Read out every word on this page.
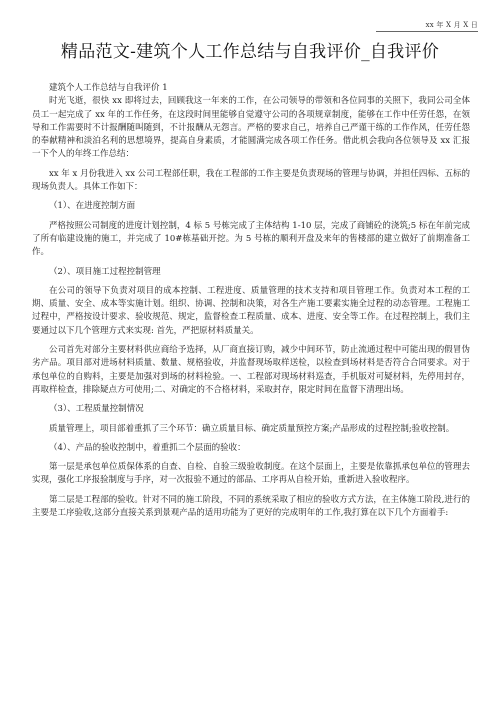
xx 年 X 月 X 日
精品范文-建筑个人工作总结与自我评价_自我评价

建筑个人工作总结与自我评价 1

时光飞逝，很快 xx 即将过去，回顾我这一年来的工作，在公司领导的带领和各位同事的关照下，我同公司全体员工一起完成了 xx 年的工作任务，在这段时间里能够自觉遵守公司的各项规章制度，能够在工作中任劳任怨，在领导和工作需要时不计报酬随叫随到，不计报酬从无怨言。严格的要求自己，培养自己严谨干练的工作作风，任劳任怨的奉献精神和淡泊名利的思想境界，提高自身素质，才能圆满完成各项工作任务。借此机会我向各位领导及 xx 汇报一下个人的年终工作总结：

xx 年 x 月份我进入 xx 公司工程部任职，我在工程部的工作主要是负责现场的管理与协调，并担任四标、五标的现场负责人。具体工作如下：

（1）、在进度控制方面

严格按照公司制度的进度计划控制，4 标 5 号栋完成了主体结构 1-10 层，完成了商铺砼的浇筑;5 标在年前完成了所有临建设施的施工，并完成了 10#栋基础开挖。为 5 号栋的顺利开盘及来年的售楼部的建立做好了前期准备工作。

（2）、项目施工过程控制管理

在公司的领导下负责对项目的成本控制、工程进度、质量管理的技术支持和项目管理工作。负责对本工程的工期、质量、安全、成本等实施计划。组织、协调、控制和决策，对各生产施工要素实施全过程的动态管理。工程施工过程中，严格按设计要求、验收规范、规定，监督检查工程质量、成本、进度、安全等工作。在过程控制上，我们主要通过以下几个管理方式来实现: 首先，严把原材料质量关。

公司首先对部分主要材料供应商给予选择，从厂商直接订购，减少中间环节，防止流通过程中可能出现的假冒伪劣产品。项目部对进场材料质量、数量、规格验收，并监督现场取样送检，以检查到场材料是否符合合同要求。对于承包单位的自购料，主要是加强对到场的材料检验。一、工程部对现场材料巡查，手机版对可疑材料，先停用封存，再取样检查，排除疑点方可使用;二、对确定的不合格材料，采取封存，限定时间在监督下清理出场。

（3）、工程质量控制情况

质量管理上，项目部着重抓了三个环节：确立质量目标、确定质量预控方案;产品形成的过程控制;验收控制。

（4）、产品的验收控制中，着重抓二个层面的验收：

第一层是承包单位质保体系的自查、自检、自验三级验收制度。在这个层面上，主要是依靠抓承包单位的管理去实现，强化工序报验制度与手序，对一次报验不通过的部品、工序再从自检开始，重新进入验收程序。

第二层是工程部的验收。针对不同的施工阶段，不同的系统采取了相应的验收方式方法，在主体施工阶段,进行的主要是工序验收,这部分直接关系到景观产品的适用功能为了更好的完成明年的工作,我打算在以下几个方面着手:
